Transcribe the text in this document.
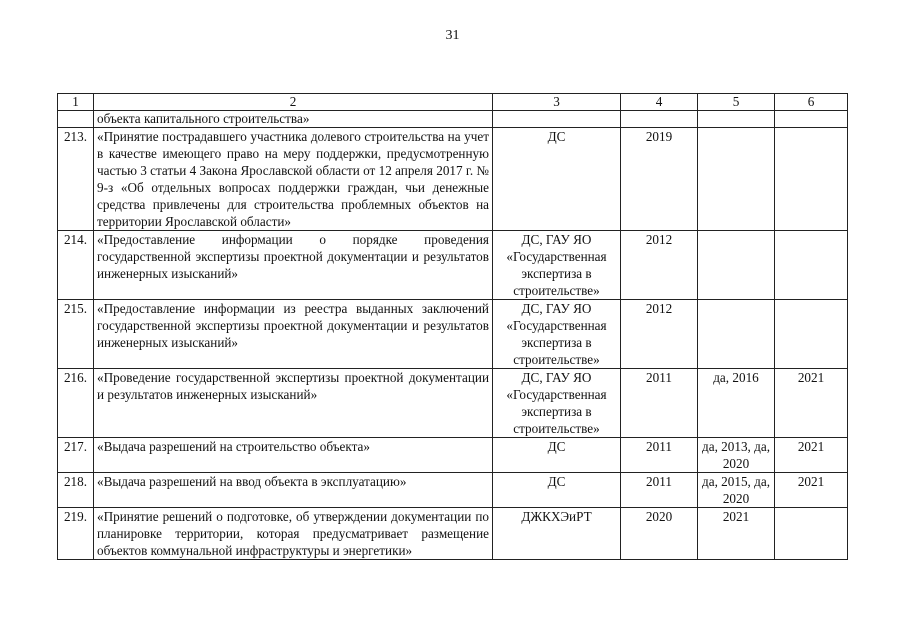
31
1	2	3	4	5	6
	объекта капитального строительства»				
213.	«Принятие пострадавшего участника долевого строительства на учет в качестве имеющего право на меру поддержки, предусмотренную частью 3 статьи 4 Закона Ярославской области от 12 апреля 2017 г. № 9-з «Об отдельных вопросах поддержки граждан, чьи денежные средства привлечены для строительства проблемных объектов на территории Ярославской области»	ДС	2019		
214.	«Предоставление информации о порядке проведения государственной экспертизы проектной документации и результатов инженерных изысканий»	ДС, ГАУ ЯО «Государственная экспертиза в строительстве»	2012		
215.	«Предоставление информации из реестра выданных заключений государственной экспертизы проектной документации и результатов инженерных изысканий»	ДС, ГАУ ЯО «Государственная экспертиза в строительстве»	2012		
216.	«Проведение государственной экспертизы проектной документации и результатов инженерных изысканий»	ДС, ГАУ ЯО «Государственная экспертиза в строительстве»	2011	да, 2016	2021
217.	«Выдача разрешений на строительство объекта»	ДС	2011	да, 2013, да, 2020	2021
218.	«Выдача разрешений на ввод объекта в эксплуатацию»	ДС	2011	да, 2015, да, 2020	2021
219.	«Принятие решений о подготовке, об утверждении документации по планировке территории, которая предусматривает размещение объектов коммунальной инфраструктуры и энергетики»	ДЖКХЭиРТ	2020	2021	
